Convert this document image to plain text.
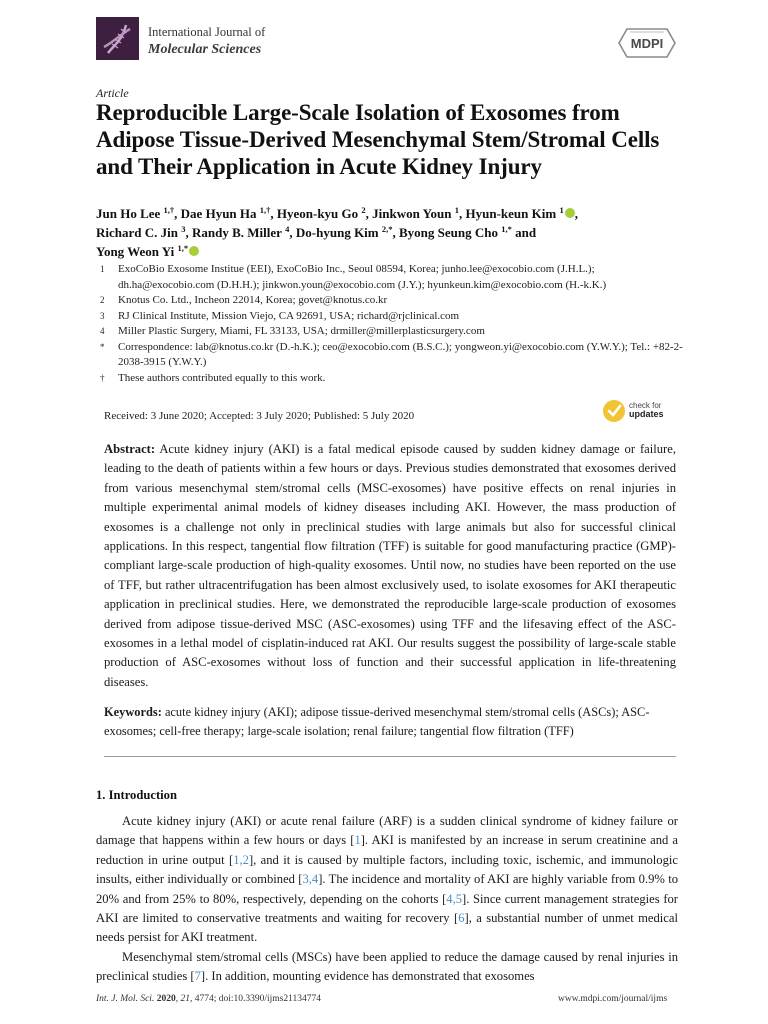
International Journal of
Molecular Sciences	MDPI
Article
Reproducible Large-Scale Isolation of Exosomes from Adipose Tissue-Derived Mesenchymal Stem/Stromal Cells and Their Application in Acute Kidney Injury
Jun Ho Lee $^{1,\dagger}$, Dae Hyun Ha $^{1,\dagger}$, Hyeon-kyu Go $^2$, Jinkwon Youn $^1$, Hyun-keun Kim $^1$ ,
Richard C. Jin $^3$, Randy B. Miller $^4$, Do-hyung Kim $^{2,*}$, Byong Seung Cho $^{1,*}$ and
Yong Weon Yi $^{1,*}$
1	ExoCoBio Exosome Institue (EEI), ExoCoBio Inc., Seoul 08594, Korea; junho.lee@exocobio.com (J.H.L.); dh.ha@exocobio.com (D.H.H.); jinkwon.youn@exocobio.com (J.Y.); hyunkeun.kim@exocobio.com (H.-k.K.)
2	Knotus Co. Ltd., Incheon 22014, Korea; govet@knotus.co.kr
3	RJ Clinical Institute, Mission Viejo, CA 92691, USA; richard@rjclinical.com
4	Miller Plastic Surgery, Miami, FL 33133, USA; drmiller@millerplasticsurgery.com
*	Correspondence: lab@knotus.co.kr (D.-h.K.); ceo@exocobio.com (B.S.C.); yongweon.yi@exocobio.com (Y.W.Y.); Tel.: +82-2-2038-3915 (Y.W.Y.)
†	These authors contributed equally to this work.
Received: 3 June 2020; Accepted: 3 July 2020; Published: 5 July 2020
check for
updates
Abstract: Acute kidney injury (AKI) is a fatal medical episode caused by sudden kidney damage or failure, leading to the death of patients within a few hours or days. Previous studies demonstrated that exosomes derived from various mesenchymal stem/stromal cells (MSC-exosomes) have positive effects on renal injuries in multiple experimental animal models of kidney diseases including AKI. However, the mass production of exosomes is a challenge not only in preclinical studies with large animals but also for successful clinical applications. In this respect, tangential flow filtration (TFF) is suitable for good manufacturing practice (GMP)-compliant large-scale production of high-quality exosomes. Until now, no studies have been reported on the use of TFF, but rather ultracentrifugation has been almost exclusively used, to isolate exosomes for AKI therapeutic application in preclinical studies. Here, we demonstrated the reproducible large-scale production of exosomes derived from adipose tissue-derived MSC (ASC-exosomes) using TFF and the lifesaving effect of the ASC-exosomes in a lethal model of cisplatin-induced rat AKI. Our results suggest the possibility of large-scale stable production of ASC-exosomes without loss of function and their successful application in life-threatening diseases.
Keywords: acute kidney injury (AKI); adipose tissue-derived mesenchymal stem/stromal cells (ASCs); ASC-exosomes; cell-free therapy; large-scale isolation; renal failure; tangential flow filtration (TFF)
1. Introduction

Acute kidney injury (AKI) or acute renal failure (ARF) is a sudden clinical syndrome of kidney failure or damage that happens within a few hours or days [1]. AKI is manifested by an increase in serum creatinine and a reduction in urine output [1,2], and it is caused by multiple factors, including toxic, ischemic, and immunologic insults, either individually or combined [3,4]. The incidence and mortality of AKI are highly variable from 0.9% to 20% and from 25% to 80%, respectively, depending on the cohorts [4,5]. Since current management strategies for AKI are limited to conservative treatments and waiting for recovery [6], a substantial number of unmet medical needs persist for AKI treatment.

Mesenchymal stem/stromal cells (MSCs) have been applied to reduce the damage caused by renal injuries in preclinical studies [7]. In addition, mounting evidence has demonstrated that exosomes

Int. J. Mol. Sci. 2020, 21, 4774; doi:10.3390/ijms21134774	www.mdpi.com/journal/ijms
